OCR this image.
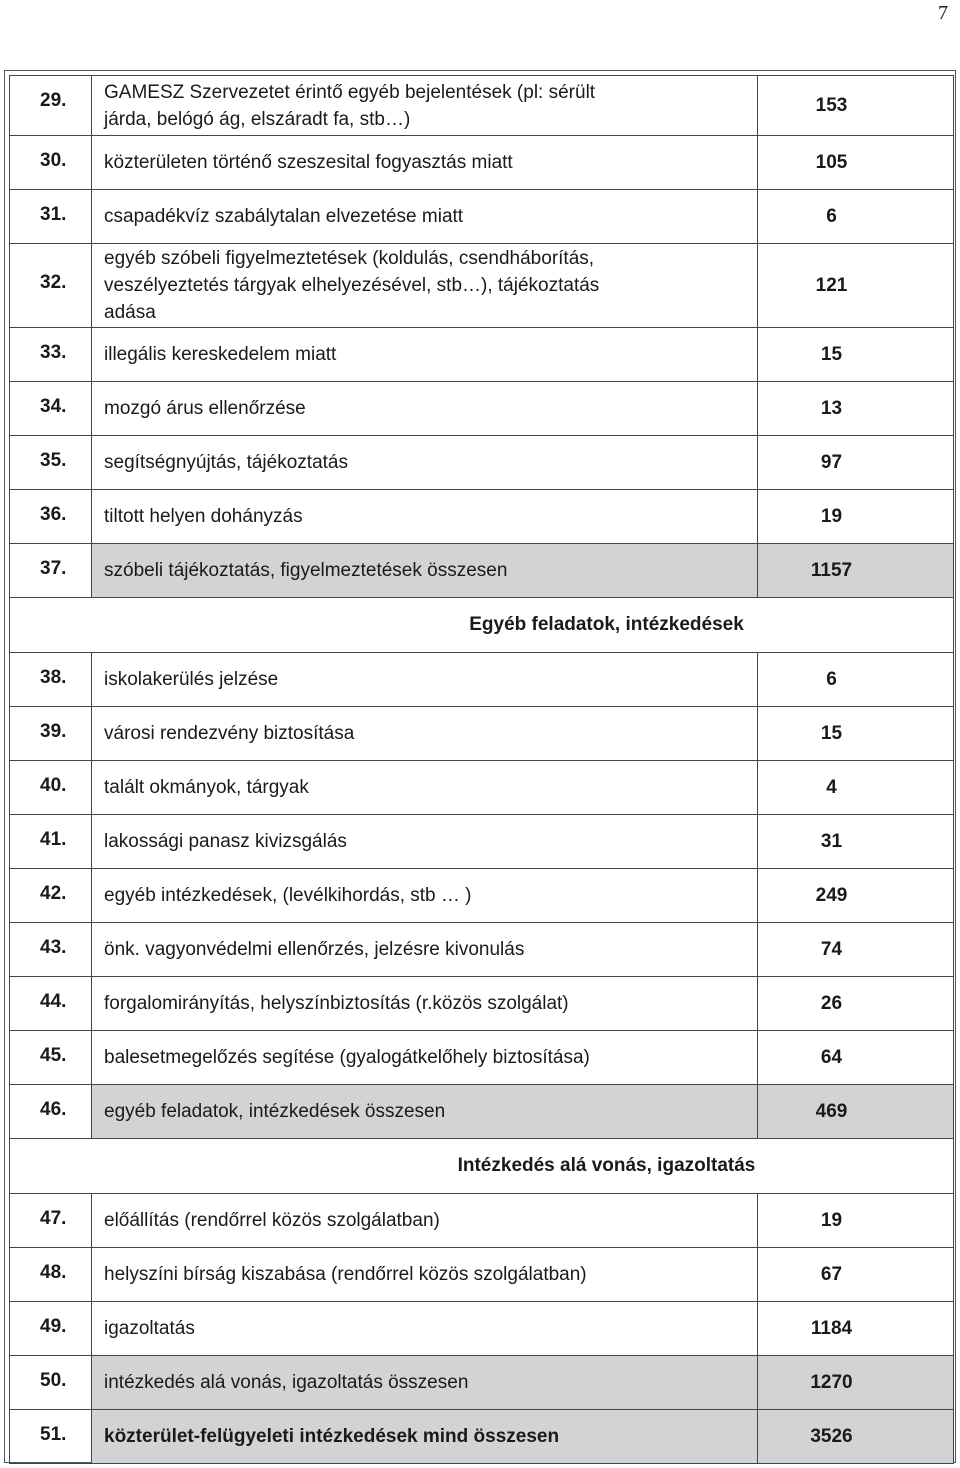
7
29.	GAMESZ Szervezetet érintő egyéb bejelentések (pl: sérült
járda, belógó ág, elszáradt fa, stb…)	153
30.	közterületen történő szeszesital fogyasztás miatt	105
31.	csapadékvíz szabálytalan elvezetése miatt	6
32.	egyéb szóbeli figyelmeztetések (koldulás, csendháborítás,
veszélyeztetés tárgyak elhelyezésével, stb…), tájékoztatás
adása	121
33.	illegális kereskedelem miatt	15
34.	mozgó árus ellenőrzése	13
35.	segítségnyújtás, tájékoztatás	97
36.	tiltott helyen dohányzás	19
37.	szóbeli tájékoztatás, figyelmeztetések összesen	1157
Egyéb feladatok, intézkedések		
38.	iskolakerülés jelzése	6
39.	városi rendezvény biztosítása	15
40.	talált okmányok, tárgyak	4
41.	lakossági panasz kivizsgálás	31
42.	egyéb intézkedések, (levélkihordás, stb … )	249
43.	önk. vagyonvédelmi ellenőrzés, jelzésre kivonulás	74
44.	forgalomirányítás, helyszínbiztosítás (r.közös szolgálat)	26
45.	balesetmegelőzés segítése (gyalogátkelőhely biztosítása)	64
46.	egyéb feladatok, intézkedések összesen	469
Intézkedés alá vonás, igazoltatás		
47.	előállítás (rendőrrel közös szolgálatban)	19
48.	helyszíni bírság kiszabása (rendőrrel közös szolgálatban)	67
49.	igazoltatás	1184
50.	intézkedés alá vonás, igazoltatás összesen	1270
51.	közterület-felügyeleti intézkedések mind összesen	3526
